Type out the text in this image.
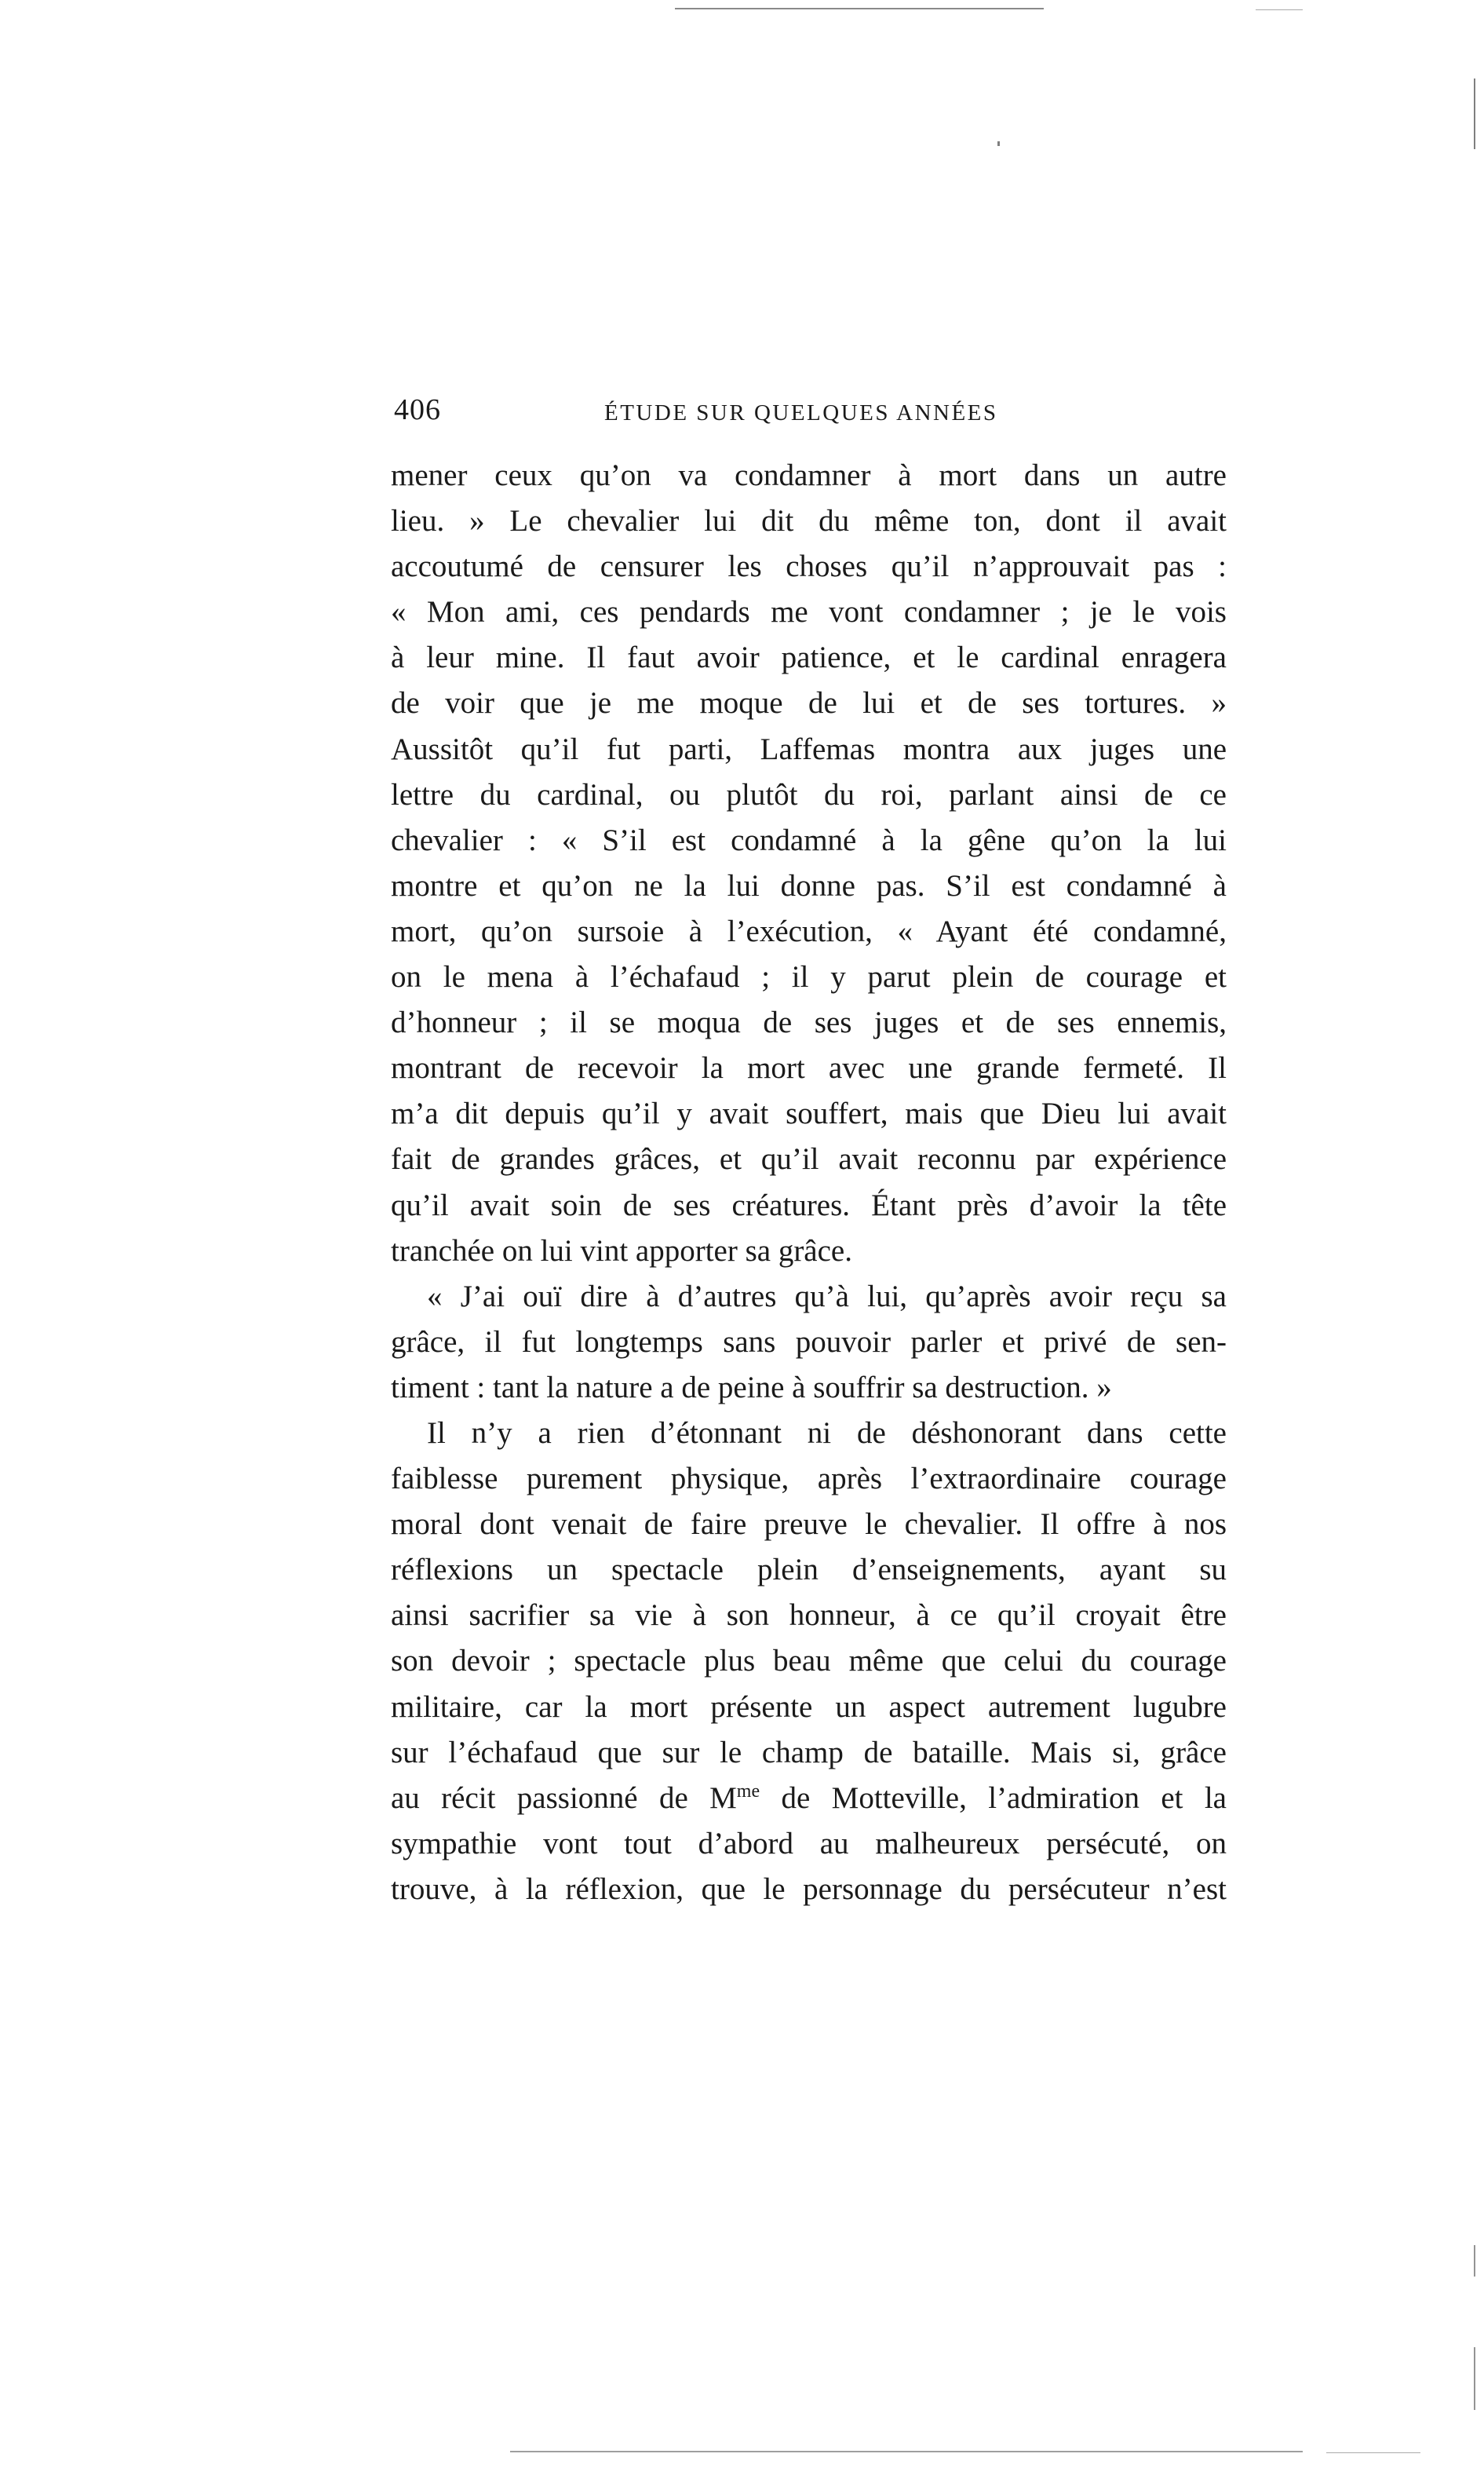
406	ÉTUDE SUR QUELQUES ANNÉES
mener ceux qu’on va condamner à mort dans un autre
lieu. » Le chevalier lui dit du même ton, dont il avait
accoutumé de censurer les choses qu’il n’approuvait pas :
« Mon ami, ces pendards me vont condamner ; je le vois
à leur mine. Il faut avoir patience, et le cardinal enragera
de voir que je me moque de lui et de ses tortures. »
Aussitôt qu’il fut parti, Laffemas montra aux juges une
lettre du cardinal, ou plutôt du roi, parlant ainsi de ce
chevalier : « S’il est condamné à la gêne qu’on la lui
montre et qu’on ne la lui donne pas. S’il est condamné à
mort, qu’on sursoie à l’exécution, « Ayant été condamné,
on le mena à l’échafaud ; il y parut plein de courage et
d’honneur ; il se moqua de ses juges et de ses ennemis,
montrant de recevoir la mort avec une grande fermeté. Il
m’a dit depuis qu’il y avait souffert, mais que Dieu lui avait
fait de grandes grâces, et qu’il avait reconnu par expérience
qu’il avait soin de ses créatures. Étant près d’avoir la tête
tranchée on lui vint apporter sa grâce.
« J’ai ouï dire à d’autres qu’à lui, qu’après avoir reçu sa
grâce, il fut longtemps sans pouvoir parler et privé de sen-
timent : tant la nature a de peine à souffrir sa destruction. »
Il n’y a rien d’étonnant ni de déshonorant dans cette
faiblesse purement physique, après l’extraordinaire courage
moral dont venait de faire preuve le chevalier. Il offre à nos
réflexions un spectacle plein d’enseignements, ayant su
ainsi sacrifier sa vie à son honneur, à ce qu’il croyait être
son devoir ; spectacle plus beau même que celui du courage
militaire, car la mort présente un aspect autrement lugubre
sur l’échafaud que sur le champ de bataille. Mais si, grâce
au récit passionné de $M^{me}$ de Motteville, l’admiration et la
sympathie vont tout d’abord au malheureux persécuté, on
trouve, à la réflexion, que le personnage du persécuteur n’est
